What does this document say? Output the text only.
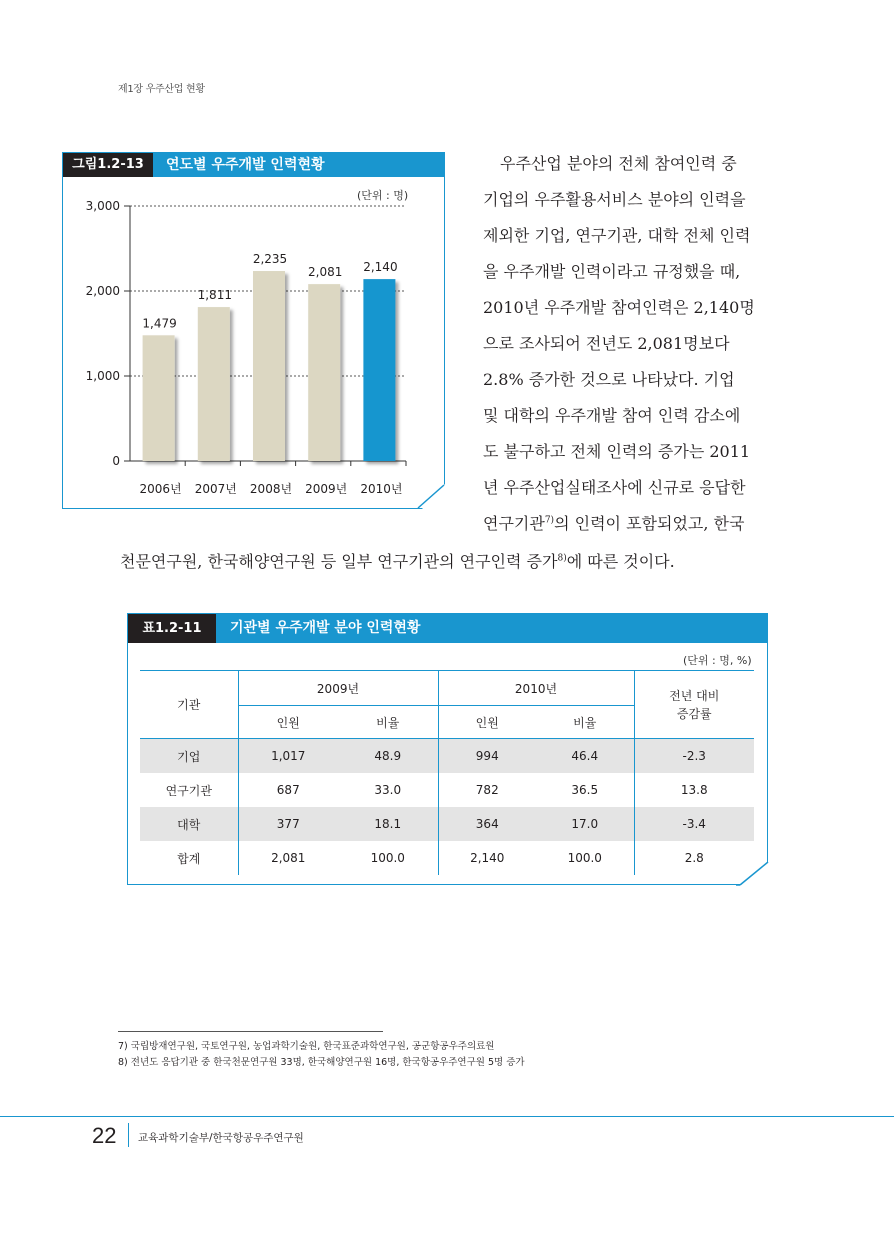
제1장 우주산업 현황
그림1.2-13	연도별 우주개발 인력현황
(단위 : 명)
0
1,000
2,000
3,000
1,479
2006년
1,811
2007년
2,235
2008년
2,081
2009년
2,140
2010년
우주산업 분야의 전체 참여인력 중
기업의 우주활용서비스 분야의 인력을
제외한 기업, 연구기관, 대학 전체 인력
을 우주개발 인력이라고 규정했을 때,
2010년 우주개발 참여인력은 2,140명
으로 조사되어 전년도 2,081명보다
2.8% 증가한 것으로 나타났다. 기업
및 대학의 우주개발 참여 인력 감소에
도 불구하고 전체 인력의 증가는 2011
년 우주산업실태조사에 신규로 응답한
연구기관$^{7)}$의 인력이 포함되었고, 한국
천문연구원, 한국해양연구원 등 일부 연구기관의 연구인력 증가$^{8)}$에 따른 것이다.
표1.2-11	기관별 우주개발 분야 인력현황
(단위 : 명, %)
기관	2009년		2010년		전년 대비
증감률
	인원	비율	인원	비율	
기업	1,017	48.9	994	46.4	-2.3
연구기관	687	33.0	782	36.5	13.8
대학	377	18.1	364	17.0	-3.4
합계	2,081	100.0	2,140	100.0	2.8
7) 국립방재연구원, 국토연구원, 농업과학기술원, 한국표준과학연구원, 공군항공우주의료원
8) 전년도 응답기관 중 한국천문연구원 33명, 한국해양연구원 16명, 한국항공우주연구원 5명 증가
22 교육과학기술부/한국항공우주연구원
